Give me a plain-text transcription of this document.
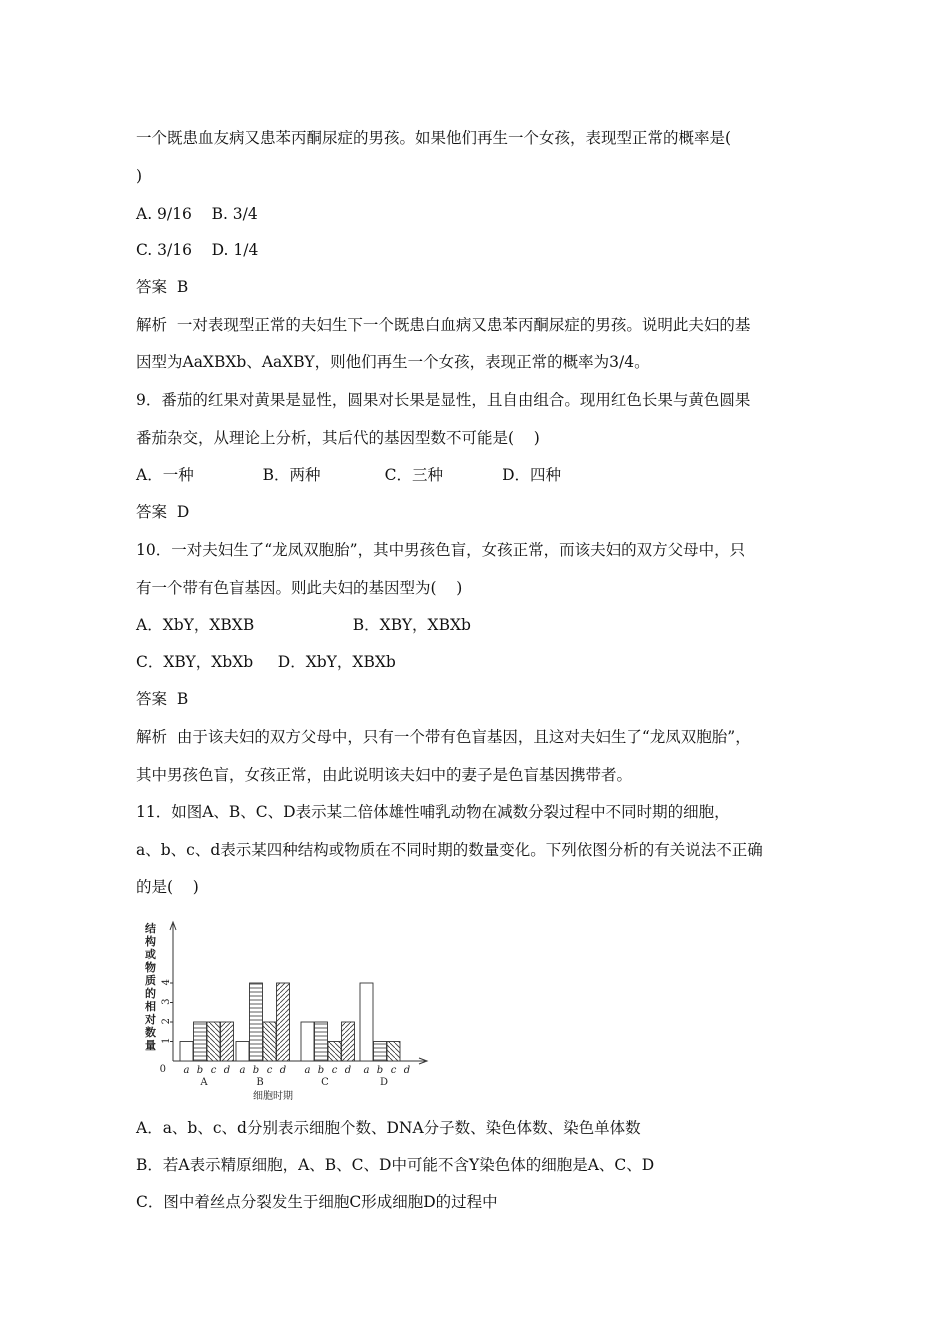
一个既患血友病又患苯丙酮尿症的男孩。如果他们再生一个女孩，表现型正常的概率是(
)
A. 9/16    B. 3/4
C. 3/16    D. 1/4
答案  B
解析  一对表现型正常的夫妇生下一个既患白血病又患苯丙酮尿症的男孩。说明此夫妇的基
因型为AaXBXb、AaXBY，则他们再生一个女孩，表现正常的概率为3/4。
9．番茄的红果对黄果是显性，圆果对长果是显性，且自由组合。现用红色长果与黄色圆果
番茄杂交，从理论上分析，其后代的基因型数不可能是(    )
A．一种              B．两种             C．三种            D．四种
答案  D
10．一对夫妇生了“龙凤双胞胎”，其中男孩色盲，女孩正常，而该夫妇的双方父母中，只
有一个带有色盲基因。则此夫妇的基因型为(    )
A．XbY，XBXB                    B．XBY，XBXb
C．XBY，XbXb     D．XbY，XBXb
答案  B
解析  由于该夫妇的双方父母中，只有一个带有色盲基因，且这对夫妇生了“龙凤双胞胎”，
其中男孩色盲，女孩正常，由此说明该夫妇中的妻子是色盲基因携带者。
11．如图A、B、C、D表示某二倍体雄性哺乳动物在减数分裂过程中不同时期的细胞，
a、b、c、d表示某四种结构或物质在不同时期的数量变化。下列依图分析的有关说法不正确
的是(    )
结
构
或
物
质
的
相
对
数
量 1
2
3
4
0 a b c d
A
a b c d
B
a b c d
C
a b c d
D
细胞时期
A．a、b、c、d分别表示细胞个数、DNA分子数、染色体数、染色单体数
B．若A表示精原细胞，A、B、C、D中可能不含Y染色体的细胞是A、C、D
C．图中着丝点分裂发生于细胞C形成细胞D的过程中
